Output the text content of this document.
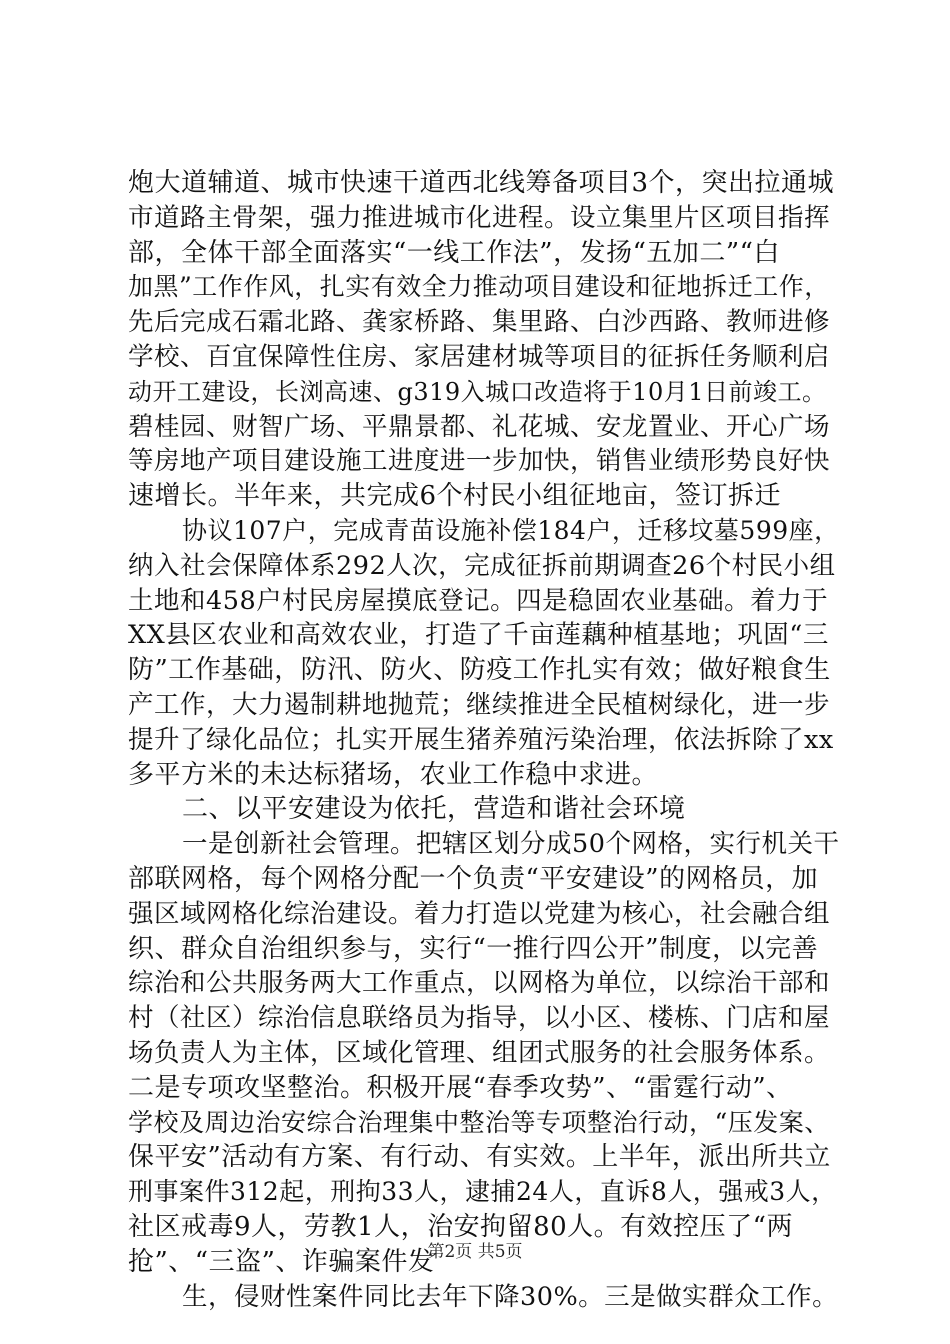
炮大道辅道、城市快速干道西北线筹备项目3个，突出拉通城
市道路主骨架，强力推进城市化进程。设立集里片区项目指挥
部，全体干部全面落实“一线工作法”，发扬“五加二”“白
加黑”工作作风，扎实有效全力推动项目建设和征地拆迁工作，
先后完成石霜北路、龚家桥路、集里路、白沙西路、教师进修
学校、百宜保障性住房、家居建材城等项目的征拆任务顺利启
动开工建设，长浏高速、g319入城口改造将于10月1日前竣工。
碧桂园、财智广场、平鼎景都、礼花城、安龙置业、开心广场
等房地产项目建设施工进度进一步加快，销售业绩形势良好快
速增长。半年来，共完成6个村民小组征地亩，签订拆迁
协议107户，完成青苗设施补偿184户，迁移坟墓599座，
纳入社会保障体系292人次，完成征拆前期调查26个村民小组
土地和458户村民房屋摸底登记。四是稳固农业基础。着力于
XX县区农业和高效农业，打造了千亩莲藕种植基地；巩固“三
防”工作基础，防汛、防火、防疫工作扎实有效；做好粮食生
产工作，大力遏制耕地抛荒；继续推进全民植树绿化，进一步
提升了绿化品位；扎实开展生猪养殖污染治理，依法拆除了xx
多平方米的未达标猪场，农业工作稳中求进。
二、以平安建设为依托，营造和谐社会环境
一是创新社会管理。把辖区划分成50个网格，实行机关干
部联网格，每个网格分配一个负责“平安建设”的网格员，加
强区域网格化综治建设。着力打造以党建为核心，社会融合组
织、群众自治组织参与，实行“一推行四公开”制度，以完善
综治和公共服务两大工作重点，以网格为单位，以综治干部和
村（社区）综治信息联络员为指导，以小区、楼栋、门店和屋
场负责人为主体，区域化管理、组团式服务的社会服务体系。
二是专项攻坚整治。积极开展“春季攻势”、“雷霆行动”、
学校及周边治安综合治理集中整治等专项整治行动，“压发案、
保平安”活动有方案、有行动、有实效。上半年，派出所共立
刑事案件312起，刑拘33人，逮捕24人，直诉8人，强戒3人，
社区戒毒9人，劳教1人，治安拘留80人。有效控压了“两
抢”、“三盗”、诈骗案件发
生，侵财性案件同比去年下降30%。三是做实群众工作。
第2页 共5页
